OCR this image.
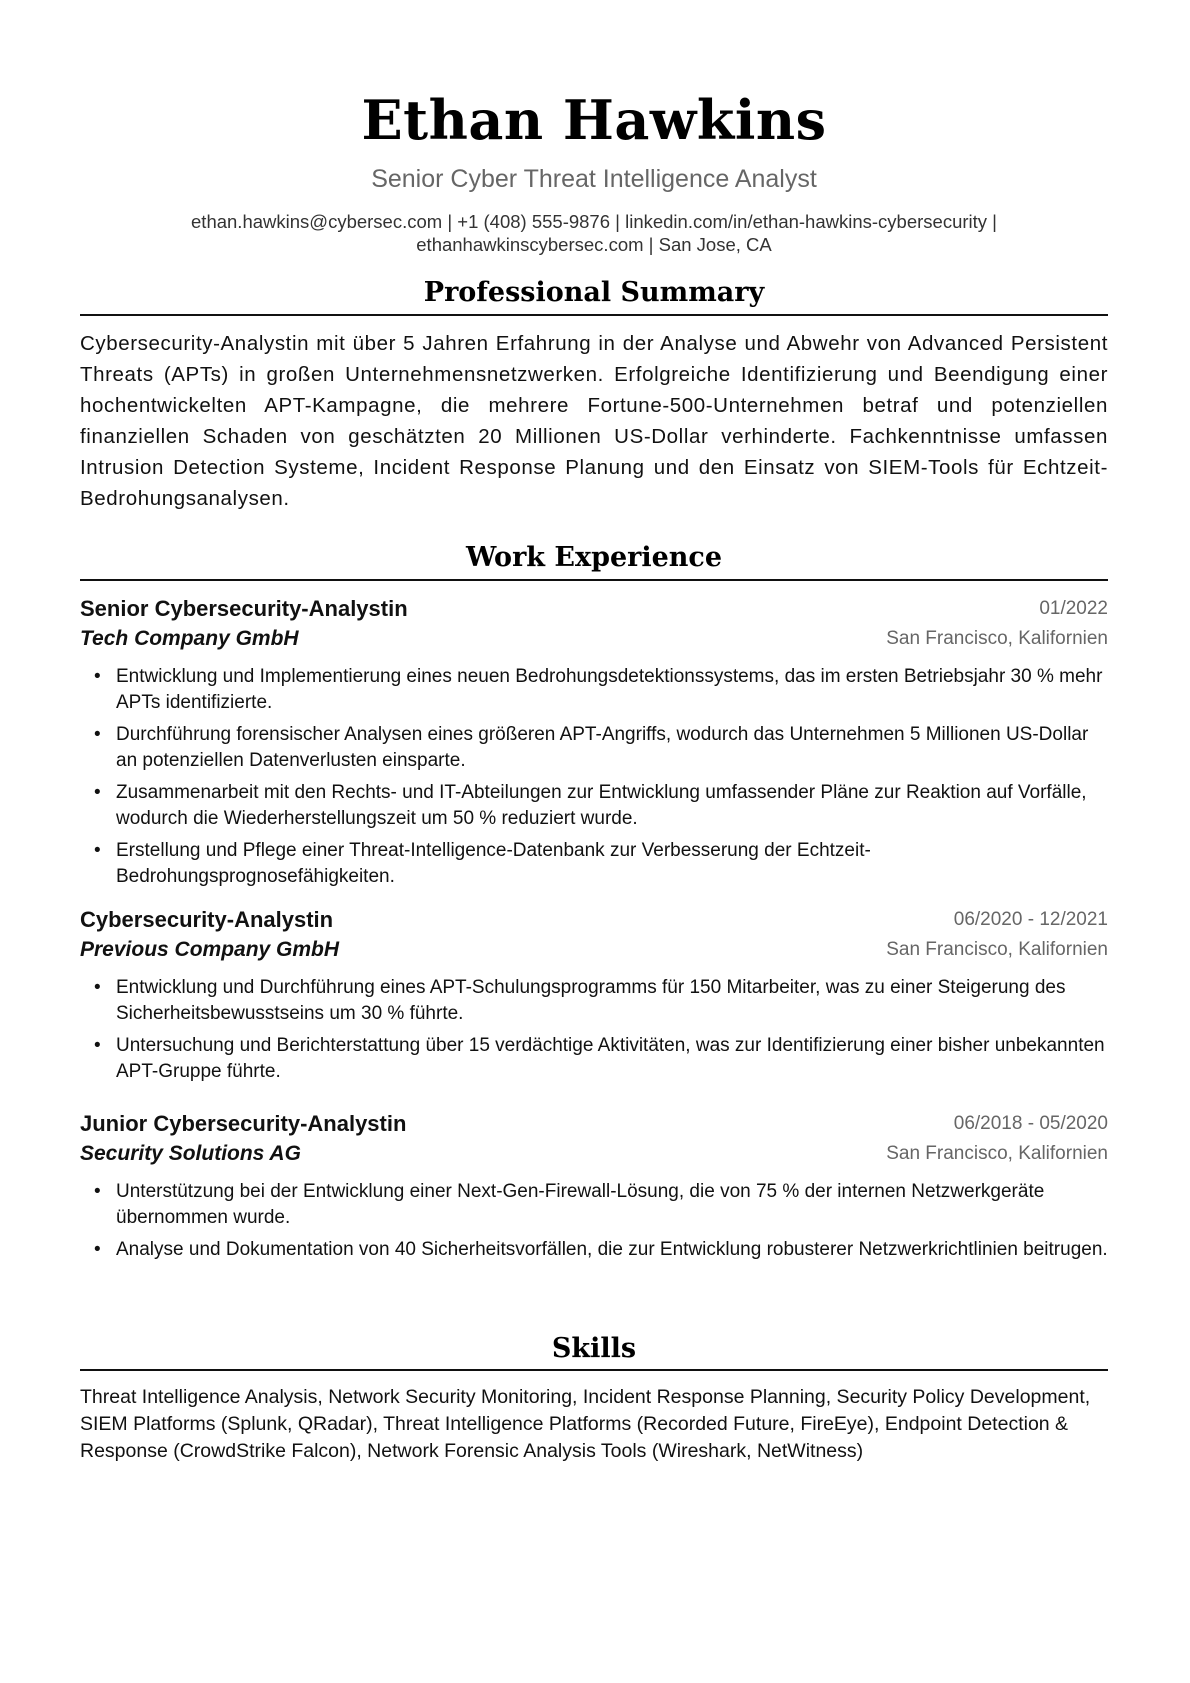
Ethan Hawkins
Senior Cyber Threat Intelligence Analyst
ethan.hawkins@cybersec.com | +1 (408) 555-9876 | linkedin.com/in/ethan-hawkins-cybersecurity |
ethanhawkinscybersec.com | San Jose, CA
Professional Summary
Cybersecurity-Analystin mit über 5 Jahren Erfahrung in der Analyse und Abwehr von Advanced Persistent Threats (APTs) in großen Unternehmensnetzwerken. Erfolgreiche Identifizierung und Beendigung einer hochentwickelten APT-Kampagne, die mehrere Fortune-500-Unternehmen betraf und potenziellen finanziellen Schaden von geschätzten 20 Millionen US-Dollar verhinderte. Fachkenntnisse umfassen Intrusion Detection Systeme, Incident Response Planung und den Einsatz von SIEM-Tools für Echtzeit-Bedrohungsanalysen.
Work Experience
Senior Cybersecurity-Analystin	01/2022
Tech Company GmbH	San Francisco, Kalifornien
• Entwicklung und Implementierung eines neuen Bedrohungsdetektionssystems, das im ersten Betriebsjahr 30 % mehr APTs identifizierte.
• Durchführung forensischer Analysen eines größeren APT-Angriffs, wodurch das Unternehmen 5 Millionen US-Dollar an potenziellen Datenverlusten einsparte.
• Zusammenarbeit mit den Rechts- und IT-Abteilungen zur Entwicklung umfassender Pläne zur Reaktion auf Vorfälle, wodurch die Wiederherstellungszeit um 50 % reduziert wurde.
• Erstellung und Pflege einer Threat-Intelligence-Datenbank zur Verbesserung der Echtzeit-Bedrohungsprognosefähigkeiten.
Cybersecurity-Analystin	06/2020 - 12/2021
Previous Company GmbH	San Francisco, Kalifornien
• Entwicklung und Durchführung eines APT-Schulungsprogramms für 150 Mitarbeiter, was zu einer Steigerung des Sicherheitsbewusstseins um 30 % führte.
• Untersuchung und Berichterstattung über 15 verdächtige Aktivitäten, was zur Identifizierung einer bisher unbekannten APT-Gruppe führte.
Junior Cybersecurity-Analystin	06/2018 - 05/2020
Security Solutions AG	San Francisco, Kalifornien
• Unterstützung bei der Entwicklung einer Next-Gen-Firewall-Lösung, die von 75 % der internen Netzwerkgeräte übernommen wurde.
• Analyse und Dokumentation von 40 Sicherheitsvorfällen, die zur Entwicklung robusterer Netzwerkrichtlinien beitrugen.
Skills
Threat Intelligence Analysis, Network Security Monitoring, Incident Response Planning, Security Policy Development, SIEM Platforms (Splunk, QRadar), Threat Intelligence Platforms (Recorded Future, FireEye), Endpoint Detection & Response (CrowdStrike Falcon), Network Forensic Analysis Tools (Wireshark, NetWitness)
